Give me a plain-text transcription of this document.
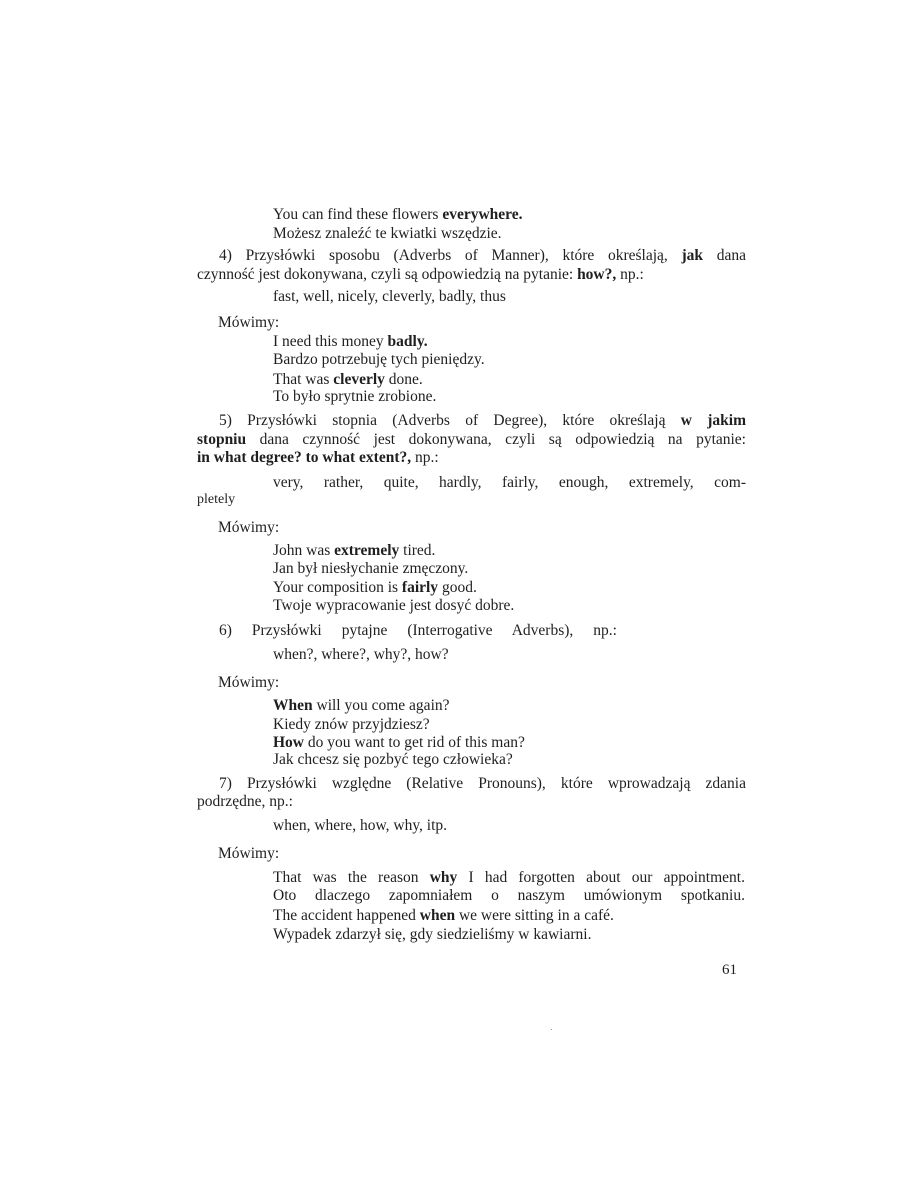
You can find these flowers everywhere.
Możesz znaleźć te kwiatki wszędzie.
4) Przysłówki sposobu (Adverbs of Manner), które określają, jak dana
czynność jest dokonywana, czyli są odpowiedzią na pytanie: how?, np.:
fast, well, nicely, cleverly, badly, thus
Mówimy:
I need this money badly.
Bardzo potrzebuję tych pieniędzy.
That was cleverly done.
To było sprytnie zrobione.
5) Przysłówki stopnia (Adverbs of Degree), które określają w jakim
stopniu dana czynność jest dokonywana, czyli są odpowiedzią na pytanie:
in what degree? to what extent?, np.:
very, rather, quite, hardly, fairly, enough, extremely, com-
pletely
Mówimy:
John was extremely tired.
Jan był niesłychanie zmęczony.
Your composition is fairly good.
Twoje wypracowanie jest dosyć dobre.
6) Przysłówki pytajne (Interrogative Adverbs), np.:
when?, where?, why?, how?
Mówimy:
When will you come again?
Kiedy znów przyjdziesz?
How do you want to get rid of this man?
Jak chcesz się pozbyć tego człowieka?
7) Przysłówki względne (Relative Pronouns), które wprowadzają zdania
podrzędne, np.:
when, where, how, why, itp.
Mówimy:
That was the reason why I had forgotten about our appointment.
Oto dlaczego zapomniałem o naszym umówionym spotkaniu.
The accident happened when we were sitting in a café.
Wypadek zdarzył się, gdy siedzieliśmy w kawiarni.
61
